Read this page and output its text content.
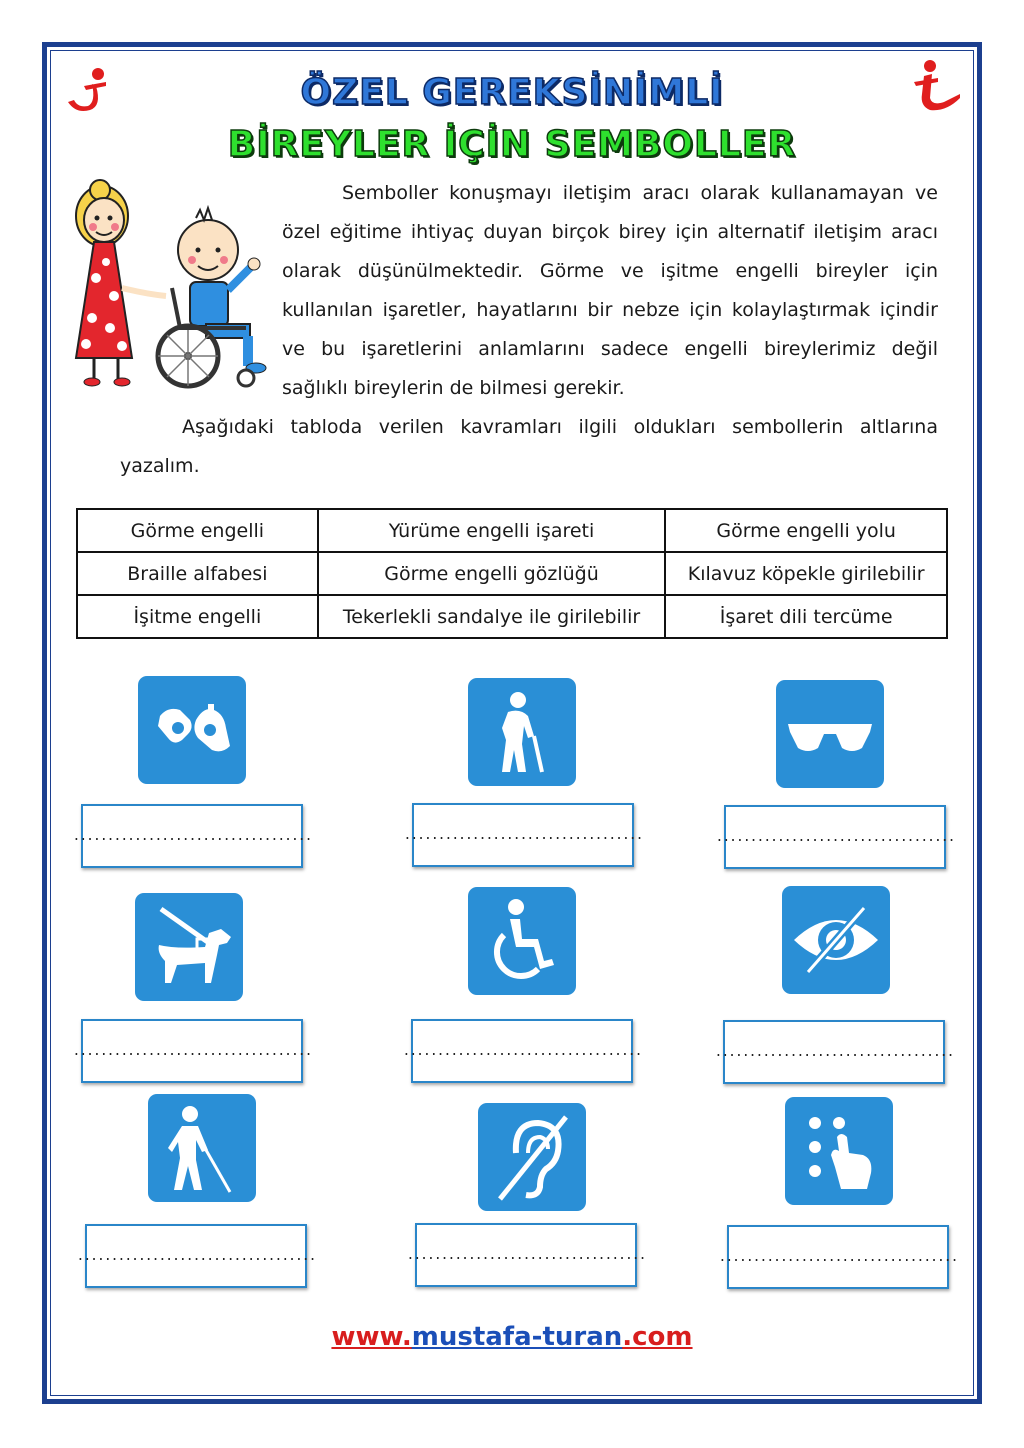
ÖZEL GEREKSİNİMLİ
BİREYLER İÇİN SEMBOLLER
Semboller konuşmayı iletişim aracı olarak kullanamayan ve özel eğitime ihtiyaç duyan birçok birey için alternatif iletişim aracı olarak düşünülmektedir. Görme ve işitme engelli bireyler için kullanılan işaretler, hayatlarını bir nebze için kolaylaştırmak içindir ve bu işaretlerini anlamlarını sadece engelli bireylerimiz değil sağlıklı bireylerin de bilmesi gerekir.
Aşağıdaki tabloda verilen kavramları ilgili oldukları sembollerin altlarına yazalım.
Görme engelli	Yürüme engelli işareti	Görme engelli yolu
Braille alfabesi	Görme engelli gözlüğü	Kılavuz köpekle girilebilir
İşitme engelli	Tekerlekli sandalye ile girilebilir	İşaret dili tercüme
...................................	...................................	...................................
...................................	...................................	...................................
...................................	...................................	...................................
www.mustafa-turan.com
